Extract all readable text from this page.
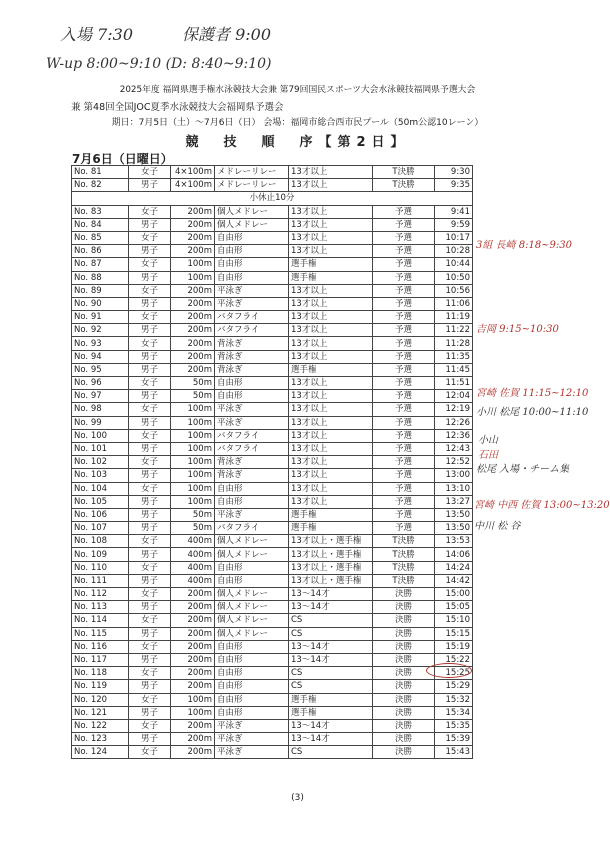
入場 7:30	保護者 9:00
W-up 8:00~9:10 (D: 8:40~9:10)
2025年度 福岡県選手権水泳競技大会兼 第79回国民スポーツ大会水泳競技福岡県予選大会
兼 第48回全国JOC夏季水泳競技大会福岡県予選会
期日：7月5日（土）～7月6日（日） 会場：福岡市総合西市民プール（50m公認10レーン）
競　技　順　序【第2日】
7月6日（日曜日）
No. 81	女子	4×100m	メドレーリレー	13才以上	T決勝	9:30
No. 82	男子	4×100m	メドレーリレー	13才以上	T決勝	9:35
小休止10分						
No. 83	女子	200m	個人メドレー	13才以上	予選	9:41
No. 84	男子	200m	個人メドレー	13才以上	予選	9:59
No. 85	女子	200m	自由形	13才以上	予選	10:17
No. 86	男子	200m	自由形	13才以上	予選	10:28
No. 87	女子	100m	自由形	選手権	予選	10:44
No. 88	男子	100m	自由形	選手権	予選	10:50
No. 89	女子	200m	平泳ぎ	13才以上	予選	10:56
No. 90	男子	200m	平泳ぎ	13才以上	予選	11:06
No. 91	女子	200m	バタフライ	13才以上	予選	11:19
No. 92	男子	200m	バタフライ	13才以上	予選	11:22
No. 93	女子	200m	背泳ぎ	13才以上	予選	11:28
No. 94	男子	200m	背泳ぎ	13才以上	予選	11:35
No. 95	男子	200m	背泳ぎ	選手権	予選	11:45
No. 96	女子	50m	自由形	13才以上	予選	11:51
No. 97	男子	50m	自由形	13才以上	予選	12:04
No. 98	女子	100m	平泳ぎ	13才以上	予選	12:19
No. 99	男子	100m	平泳ぎ	13才以上	予選	12:26
No. 100	女子	100m	バタフライ	13才以上	予選	12:36
No. 101	男子	100m	バタフライ	13才以上	予選	12:43
No. 102	女子	100m	背泳ぎ	13才以上	予選	12:52
No. 103	男子	100m	背泳ぎ	13才以上	予選	13:00
No. 104	女子	100m	自由形	13才以上	予選	13:10
No. 105	男子	100m	自由形	13才以上	予選	13:27
No. 106	男子	50m	平泳ぎ	選手権	予選	13:50
No. 107	男子	50m	バタフライ	選手権	予選	13:50
No. 108	女子	400m	個人メドレー	13才以上・選手権	T決勝	13:53
No. 109	男子	400m	個人メドレー	13才以上・選手権	T決勝	14:06
No. 110	女子	400m	自由形	13才以上・選手権	T決勝	14:24
No. 111	男子	400m	自由形	13才以上・選手権	T決勝	14:42
No. 112	女子	200m	個人メドレー	13～14才	決勝	15:00
No. 113	男子	200m	個人メドレー	13～14才	決勝	15:05
No. 114	女子	200m	個人メドレー	CS	決勝	15:10
No. 115	男子	200m	個人メドレー	CS	決勝	15:15
No. 116	女子	200m	自由形	13～14才	決勝	15:19
No. 117	男子	200m	自由形	13～14才	決勝	15:22
No. 118	女子	200m	自由形	CS	決勝	15:25
No. 119	男子	200m	自由形	CS	決勝	15:29
No. 120	女子	100m	自由形	選手権	決勝	15:32
No. 121	男子	100m	自由形	選手権	決勝	15:34
No. 122	女子	200m	平泳ぎ	13～14才	決勝	15:35
No. 123	男子	200m	平泳ぎ	13～14才	決勝	15:39
No. 124	女子	200m	平泳ぎ	CS	決勝	15:43
3組 長崎 8:18~9:30
吉岡 9:15~10:30
宮崎 佐賀 11:15~12:10
小川 松尾 10:00~11:10
小山
石田
松尾 入場・チーム集
宮崎 中西 佐賀 13:00~13:20
中川 松 谷
(3)
